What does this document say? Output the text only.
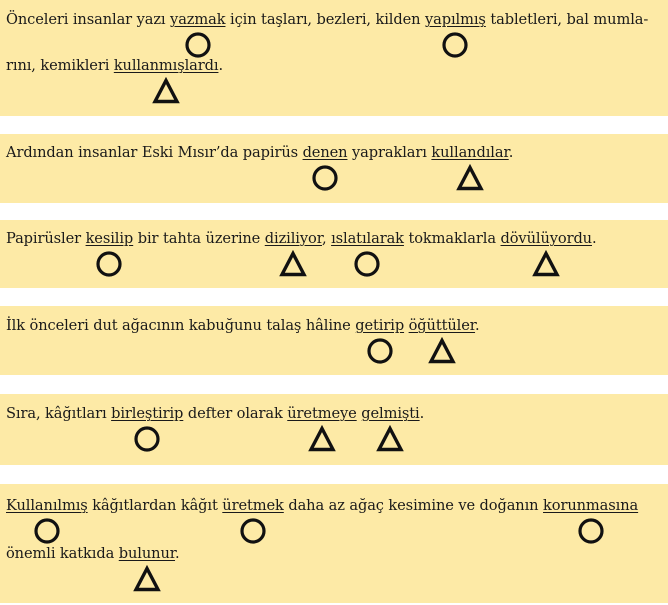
Önceleri insanlar yazı yazmak için taşları, bezleri, kilden yapılmış tabletleri, bal mumla-
rını, kemikleri kullanmışlardı.
Ardından insanlar Eski Mısır’da papirüs denen yaprakları kullandılar.
Papirüsler kesilip bir tahta üzerine diziliyor, ıslatılarak tokmaklarla dövülüyordu.
İlk önceleri dut ağacının kabuğunu talaş hâline getirip öğüttüler.
Sıra, kâğıtları birleştirip defter olarak üretmeye gelmişti.
Kullanılmış kâğıtlardan kâğıt üretmek daha az ağaç kesimine ve doğanın korunmasına
önemli katkıda bulunur.
